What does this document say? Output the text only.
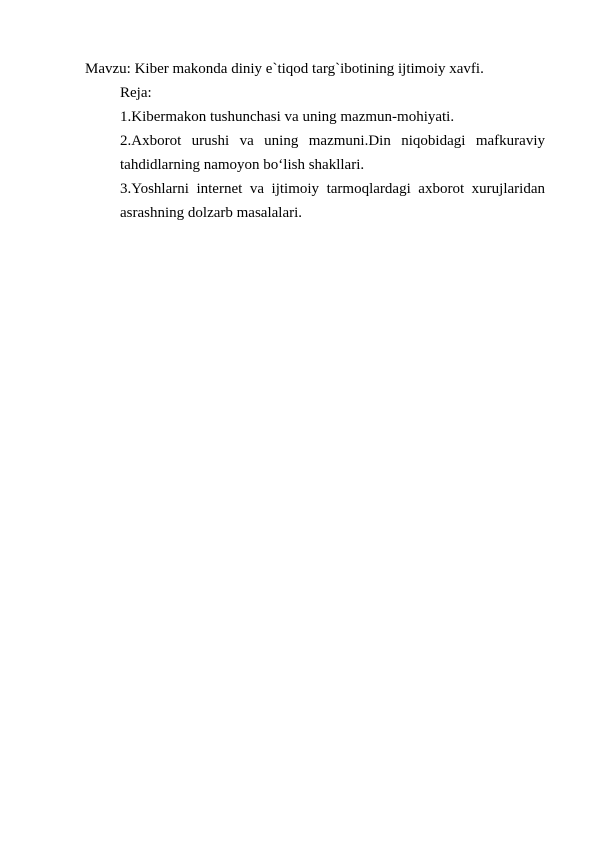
Mavzu: Kiber makonda diniy e`tiqod targ`ibotining ijtimoiy xavfi.

Reja:

1.Kibermakon tushunchasi va uning mazmun-mohiyati.

2.Axborot urushi va uning mazmuni.Din niqobidagi mafkuraviy tahdidlarning namoyon bo‘lish shakllari.

3.Yoshlarni internet va ijtimoiy tarmoqlardagi axborot xurujlaridan asrashning dolzarb masalalari.
